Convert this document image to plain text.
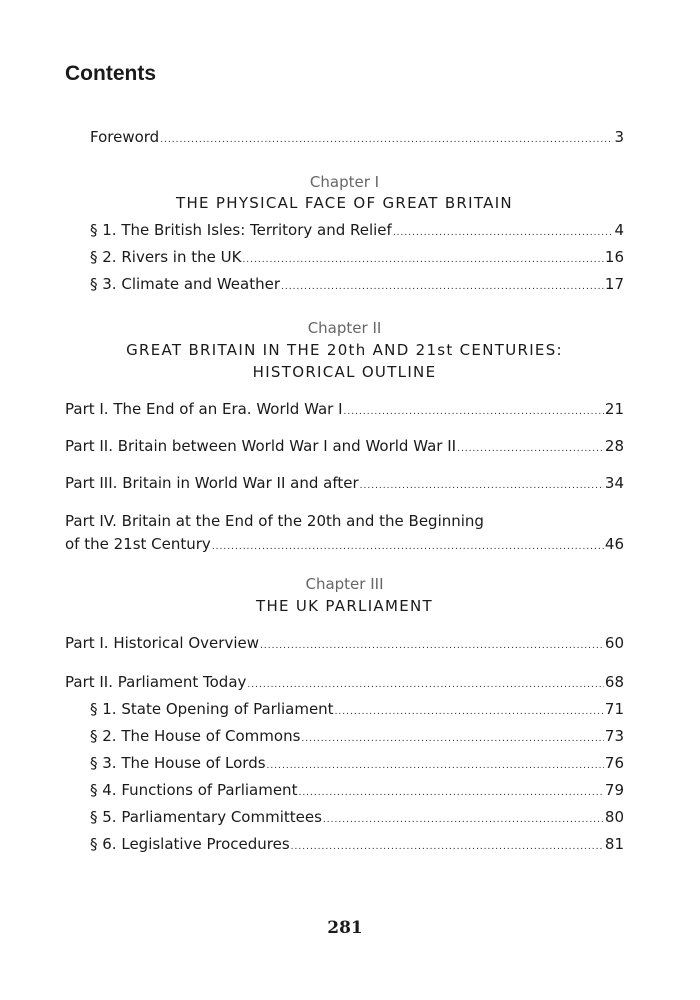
Contents
Foreword .....	3
Chapter I
THE PHYSICAL FACE OF GREAT BRITAIN
§ 1. The British Isles: Territory and Relief .....	4
§ 2. Rivers in the UK .....	16
§ 3. Climate and Weather .....	17
Chapter II
GREAT BRITAIN IN THE 20th AND 21st CENTURIES:
HISTORICAL OUTLINE
Part I. The End of an Era. World War I .....	21
Part II. Britain between World War I and World War II .....	28
Part III. Britain in World War II and after .....	34
Part IV. Britain at the End of the 20th and the Beginning
of the 21st Century .....	46
Chapter III
THE UK PARLIAMENT
Part I. Historical Overview .....	60
Part II. Parliament Today .....	68
§ 1. State Opening of Parliament .....	71
§ 2. The House of Commons .....	73
§ 3. The House of Lords .....	76
§ 4. Functions of Parliament .....	79
§ 5. Parliamentary Committees .....	80
§ 6. Legislative Procedures .....	81
281
